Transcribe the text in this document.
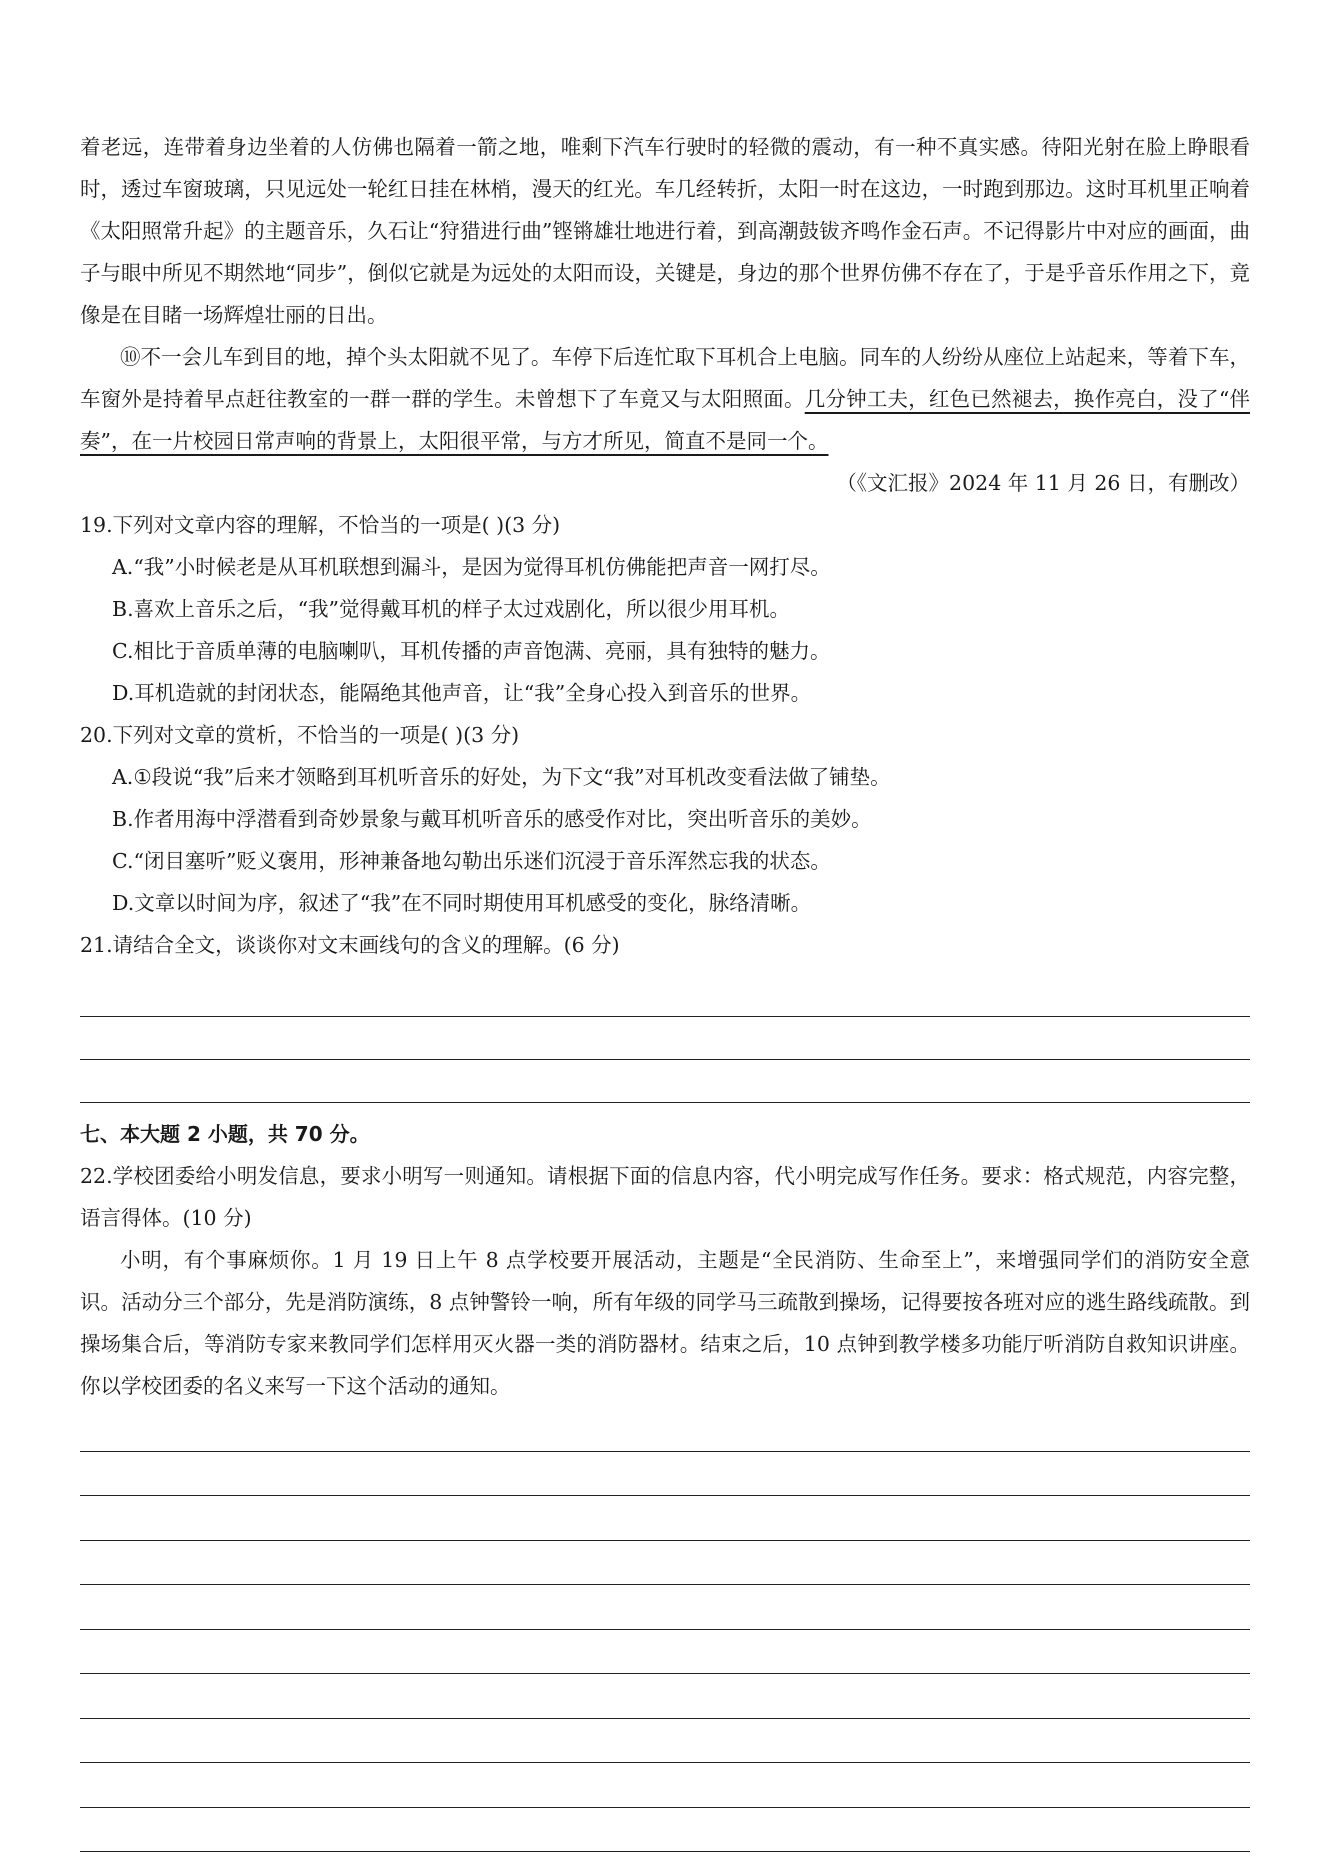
着老远，连带着身边坐着的人仿佛也隔着一箭之地，唯剩下汽车行驶时的轻微的震动，有一种不真实感。待阳光射在脸上睁眼看时，透过车窗玻璃，只见远处一轮红日挂在林梢，漫天的红光。车几经转折，太阳一时在这边，一时跑到那边。这时耳机里正响着《太阳照常升起》的主题音乐，久石让“狩猎进行曲”铿锵雄壮地进行着，到高潮鼓钹齐鸣作金石声。不记得影片中对应的画面，曲子与眼中所见不期然地“同步”，倒似它就是为远处的太阳而设，关键是，身边的那个世界仿佛不存在了，于是乎音乐作用之下，竟像是在目睹一场辉煌壮丽的日出。

⑩不一会儿车到目的地，掉个头太阳就不见了。车停下后连忙取下耳机合上电脑。同车的人纷纷从座位上站起来，等着下车，车窗外是持着早点赶往教室的一群一群的学生。未曾想下了车竟又与太阳照面。几分钟工夫，红色已然褪去，换作亮白，没了“伴奏”，在一片校园日常声响的背景上，太阳很平常，与方才所见，简直不是同一个。

（《文汇报》2024 年 11 月 26 日，有删改）

19.下列对文章内容的理解，不恰当的一项是( )(3 分)

A.“我”小时候老是从耳机联想到漏斗，是因为觉得耳机仿佛能把声音一网打尽。

B.喜欢上音乐之后，“我”觉得戴耳机的样子太过戏剧化，所以很少用耳机。

C.相比于音质单薄的电脑喇叭，耳机传播的声音饱满、亮丽，具有独特的魅力。

D.耳机造就的封闭状态，能隔绝其他声音，让“我”全身心投入到音乐的世界。

20.下列对文章的赏析，不恰当的一项是( )(3 分)

A.①段说“我”后来才领略到耳机听音乐的好处，为下文“我”对耳机改变看法做了铺垫。

B.作者用海中浮潜看到奇妙景象与戴耳机听音乐的感受作对比，突出听音乐的美妙。

C.“闭目塞听”贬义褒用，形神兼备地勾勒出乐迷们沉浸于音乐浑然忘我的状态。

D.文章以时间为序，叙述了“我”在不同时期使用耳机感受的变化，脉络清晰。

21.请结合全文，谈谈你对文末画线句的含义的理解。(6 分)

七、本大题 2 小题，共 70 分。

22.学校团委给小明发信息，要求小明写一则通知。请根据下面的信息内容，代小明完成写作任务。要求：格式规范，内容完整，语言得体。(10 分)

小明，有个事麻烦你。1 月 19 日上午 8 点学校要开展活动，主题是“全民消防、生命至上”，来增强同学们的消防安全意识。活动分三个部分，先是消防演练，8 点钟警铃一响，所有年级的同学马三疏散到操场，记得要按各班对应的逃生路线疏散。到操场集合后，等消防专家来教同学们怎样用灭火器一类的消防器材。结束之后，10 点钟到教学楼多功能厅听消防自救知识讲座。你以学校团委的名义来写一下这个活动的通知。
